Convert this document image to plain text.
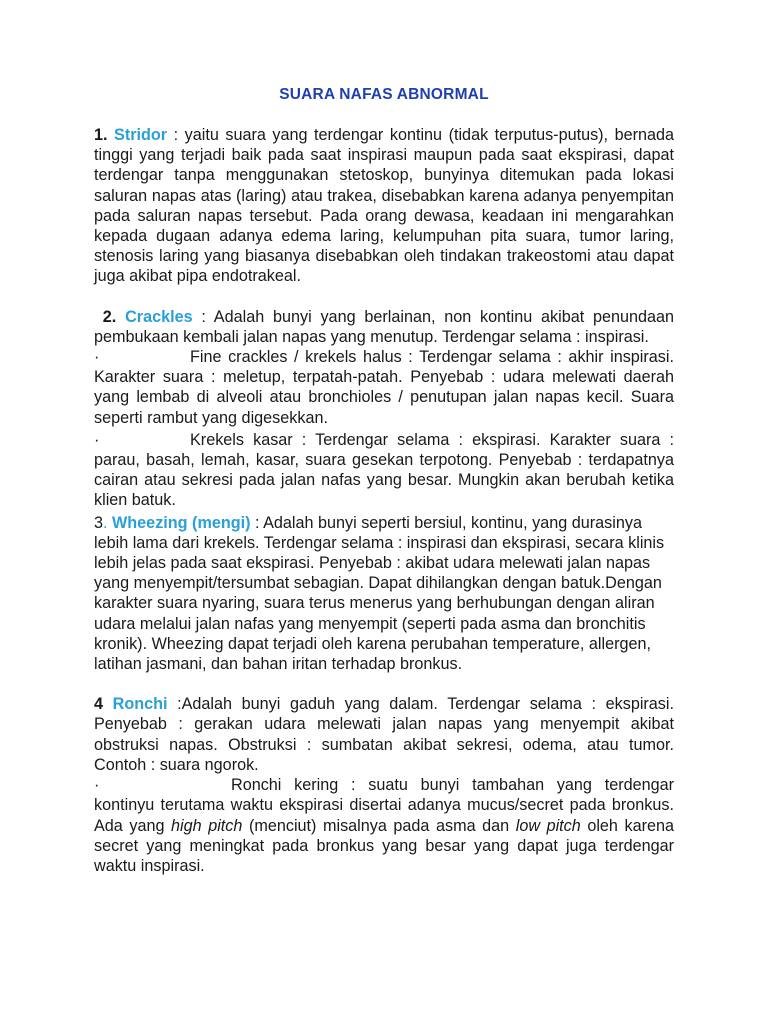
SUARA NAFAS ABNORMAL

1. Stridor : yaitu suara yang terdengar kontinu (tidak terputus-putus), bernada tinggi yang terjadi baik pada saat inspirasi maupun pada saat ekspirasi, dapat terdengar tanpa menggunakan stetoskop, bunyinya ditemukan pada lokasi saluran napas atas (laring) atau trakea, disebabkan karena adanya penyempitan pada saluran napas tersebut. Pada orang dewasa, keadaan ini mengarahkan kepada dugaan adanya edema laring, kelumpuhan pita suara, tumor laring, stenosis laring yang biasanya disebabkan oleh tindakan trakeostomi atau dapat juga akibat pipa endotrakeal.

2. Crackles : Adalah bunyi yang berlainan, non kontinu akibat penundaan pembukaan kembali jalan napas yang menutup. Terdengar selama : inspirasi.

·	Fine crackles / krekels halus : Terdengar selama : akhir inspirasi. Karakter suara : meletup, terpatah-patah. Penyebab : udara melewati daerah yang lembab di alveoli atau bronchioles / penutupan jalan napas kecil. Suara seperti rambut yang digesekkan.

·	Krekels kasar : Terdengar selama : ekspirasi. Karakter suara : parau, basah, lemah, kasar, suara gesekan terpotong. Penyebab : terdapatnya cairan atau sekresi pada jalan nafas yang besar. Mungkin akan berubah ketika klien batuk.

3. Wheezing (mengi) : Adalah bunyi seperti bersiul, kontinu, yang durasinya lebih lama dari krekels. Terdengar selama : inspirasi dan ekspirasi, secara klinis lebih jelas pada saat ekspirasi. Penyebab : akibat udara melewati jalan napas yang menyempit/tersumbat sebagian. Dapat dihilangkan dengan batuk.Dengan karakter suara nyaring, suara terus menerus yang berhubungan dengan aliran udara melalui jalan nafas yang menyempit (seperti pada asma dan bronchitis kronik). Wheezing dapat terjadi oleh karena perubahan temperature, allergen, latihan jasmani, dan bahan iritan terhadap bronkus.

4 Ronchi :Adalah bunyi gaduh yang dalam. Terdengar selama : ekspirasi. Penyebab : gerakan udara melewati jalan napas yang menyempit akibat obstruksi napas. Obstruksi : sumbatan akibat sekresi, odema, atau tumor. Contoh : suara ngorok.

·	Ronchi kering : suatu bunyi tambahan yang terdengar kontinyu terutama waktu ekspirasi disertai adanya mucus/secret pada bronkus. Ada yang high pitch (menciut) misalnya pada asma dan low pitch oleh karena secret yang meningkat pada bronkus yang besar yang dapat juga terdengar waktu inspirasi.
